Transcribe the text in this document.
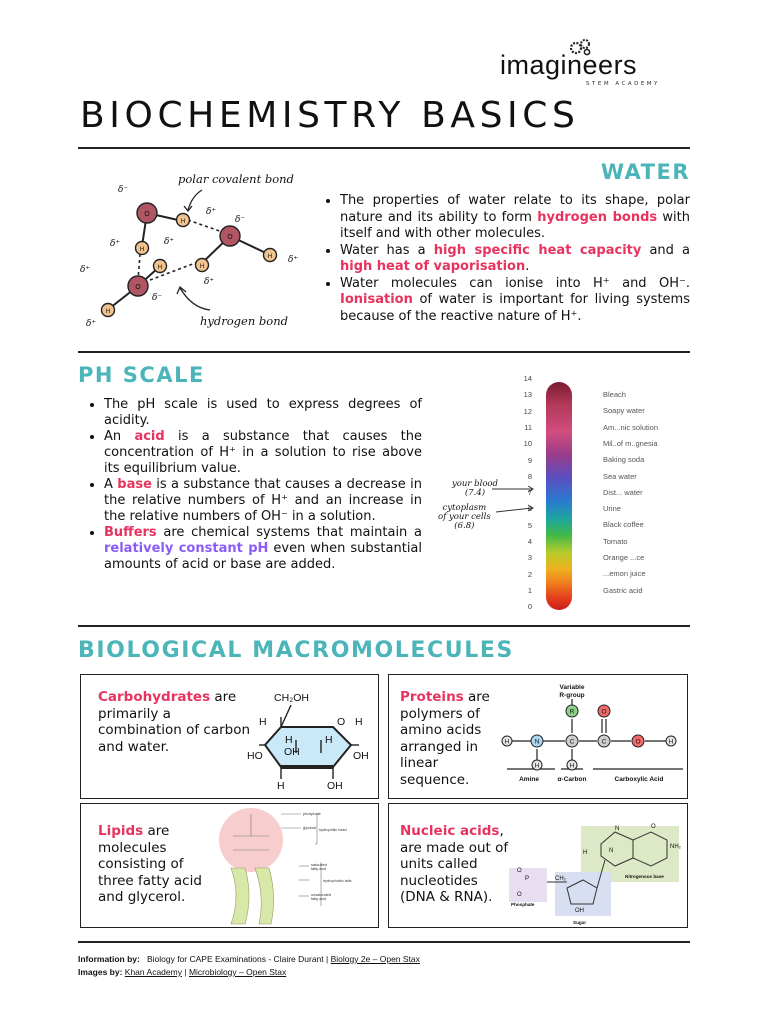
imagineers
STEM ACADEMY
BIOCHEMISTRY BASICS
WATER
O
O
O
H
H
H
H
H
H
δ⁻
δ⁺
δ⁻
δ⁺
δ⁺
δ⁺
δ⁺
δ⁺
δ⁻
δ⁺
polar covalent bond
hydrogen bond
• The properties of water relate to its shape, polar nature and its ability to form hydrogen bonds with itself and with other molecules.
• Water has a high specific heat capacity and a high heat of vaporisation.
• Water molecules can ionise into H⁺ and OH⁻. Ionisation of water is important for living systems because of the reactive nature of H⁺.
PH SCALE
• The pH scale is used to express degrees of acidity.
• An acid is a substance that causes the concentration of H⁺ in a solution to rise above its equilibrium value.
• A base is a substance that causes a decrease in the relative numbers of H⁺ and an increase in the relative numbers of OH⁻ in a solution.
• Buffers are chemical systems that maintain a relatively constant pH even when substantial amounts of acid or base are added.
14
13
12
11
10
9
8
7
6
5
4
3
2
1
0
Bleach
Soapy water
Am...nic solution
Mil..of m..gnesia
Baking soda
Sea water
Dist... water
Urine
Black coffee
Tomato
Orange ...ce
...emon juice
Gastric acid
your blood
(7.4)
cytoplasm
of your cells
(6.8)
BIOLOGICAL MACROMOLECULES
Carbohydrates are primarily a combination of carbon and water.
CH₂OH
H	O H
H
OH
H
HO	OH
H	OH
Proteins are polymers of amino acids arranged in linear sequence.
Variable
R-group
Amine	α-Carbon	Carboxylic Acid
H	N	C
R
C
O
O	H
H	H
Lipids are molecules consisting of three fatty acid and glycerol.
phosphate
glycerol hydrophilic head
saturated
fatty acid
hydrophobic tails
unsaturated
fatty acid
Nucleic acids, are made out of units called nucleotides (DNA & RNA).
H
N
N
NH₂
O
CH₂
P
O
O
OH
Nitrogenous base
Phosphate
Sugar
Information by: Biology for CAPE Examinations - Claire Durant | Biology 2e – Open Stax
Images by: Khan Academy | Microbiology – Open Stax
